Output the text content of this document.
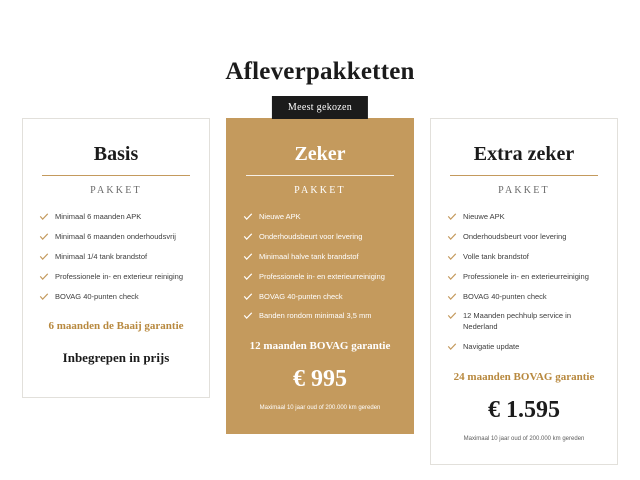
Afleverpakketten
Basis
PAKKET
Minimaal 6 maanden APK
Minimaal 6 maanden onderhoudsvrij
Minimaal 1/4 tank brandstof
Professionele in- en exterieur reiniging
BOVAG 40-punten check
6 maanden de Baaij garantie
Inbegrepen in prijs
Meest gekozen
Zeker
PAKKET
Nieuwe APK
Onderhoudsbeurt voor levering
Minimaal halve tank brandstof
Professionele in- en exterieurreiniging
BOVAG 40-punten check
Banden rondom minimaal 3,5 mm
12 maanden BOVAG garantie
€ 995
Maximaal 10 jaar oud of 200.000 km gereden
Extra zeker
PAKKET
Nieuwe APK
Onderhoudsbeurt voor levering
Volle tank brandstof
Professionele in- en exterieurreiniging
BOVAG 40-punten check
12 Maanden pechhulp service in Nederland
Navigatie update
24 maanden BOVAG garantie
€ 1.595
Maximaal 10 jaar oud of 200.000 km gereden
